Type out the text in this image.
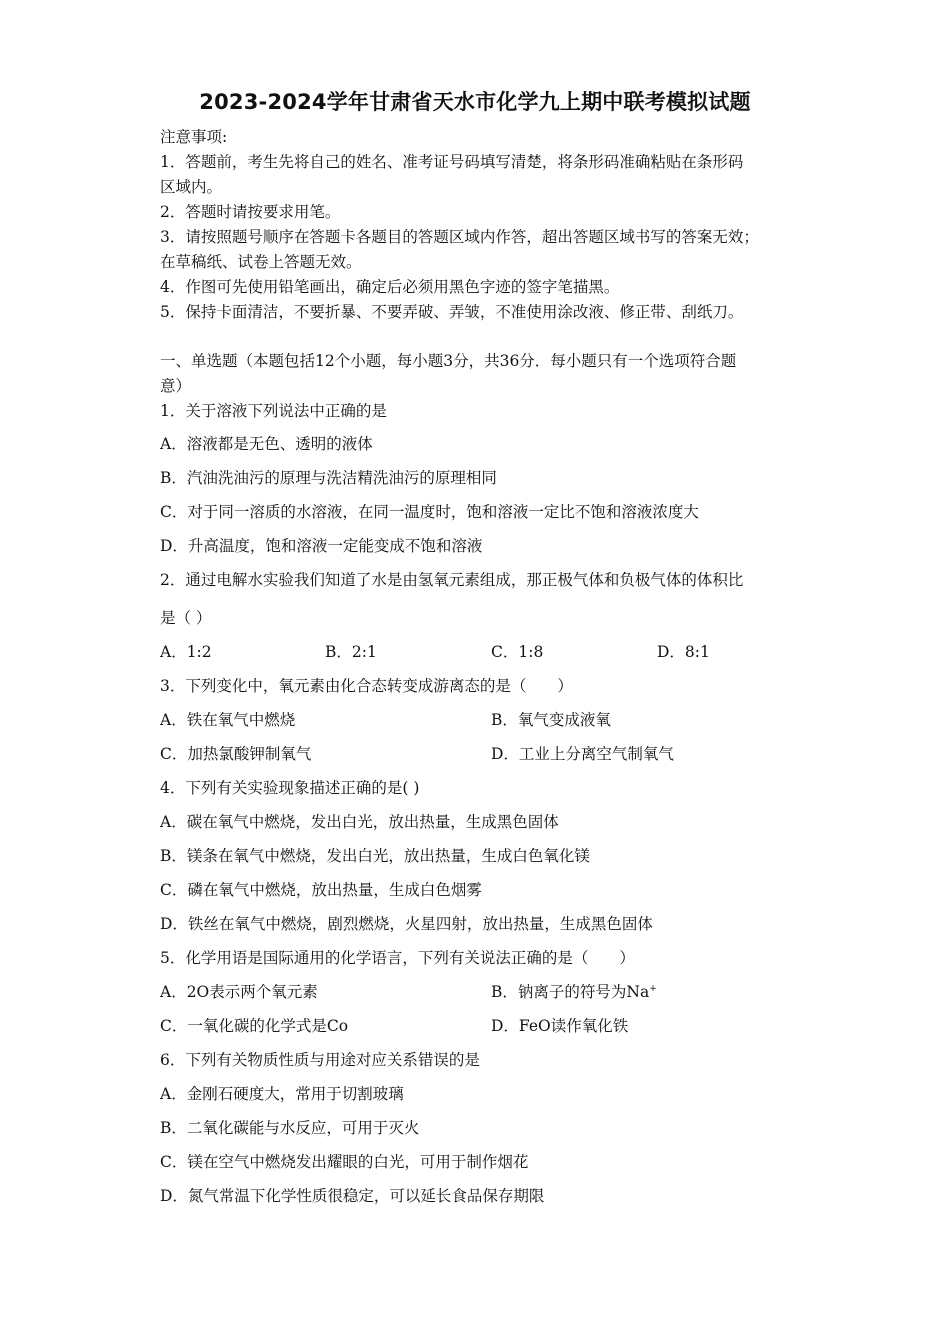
2023-2024学年甘肃省天水市化学九上期中联考模拟试题
注意事项:
1．答题前，考生先将自己的姓名、准考证号码填写清楚，将条形码准确粘贴在条形码
区域内。
2．答题时请按要求用笔。
3．请按照题号顺序在答题卡各题目的答题区域内作答，超出答题区域书写的答案无效；
在草稿纸、试卷上答题无效。
4．作图可先使用铅笔画出，确定后必须用黑色字迹的签字笔描黑。
5．保持卡面清洁，不要折暴、不要弄破、弄皱，不准使用涂改液、修正带、刮纸刀。
一、单选题（本题包括12个小题，每小题3分，共36分．每小题只有一个选项符合题
意）
1．关于溶液下列说法中正确的是
A．溶液都是无色、透明的液体
B．汽油洗油污的原理与洗洁精洗油污的原理相同
C．对于同一溶质的水溶液，在同一温度时，饱和溶液一定比不饱和溶液浓度大
D．升高温度，饱和溶液一定能变成不饱和溶液
2．通过电解水实验我们知道了水是由氢氧元素组成，那正极气体和负极气体的体积比
是（ ）
A．1:2	B．2:1	C．1:8	D．8:1
3．下列变化中，氧元素由化合态转变成游离态的是（　　）
A．铁在氧气中燃烧	B．氧气变成液氧
C．加热氯酸钾制氧气	D．工业上分离空气制氧气
4．下列有关实验现象描述正确的是( )
A．碳在氧气中燃烧，发出白光，放出热量，生成黑色固体
B．镁条在氧气中燃烧，发出白光，放出热量，生成白色氧化镁
C．磷在氧气中燃烧，放出热量，生成白色烟雾
D．铁丝在氧气中燃烧，剧烈燃烧，火星四射，放出热量，生成黑色固体
5．化学用语是国际通用的化学语言，下列有关说法正确的是（　　）
A．2O表示两个氧元素	B．钠离子的符号为Na+
C．一氧化碳的化学式是Co	D．FeO读作氧化铁
6．下列有关物质性质与用途对应关系错误的是
A．金刚石硬度大，常用于切割玻璃
B．二氧化碳能与水反应，可用于灭火
C．镁在空气中燃烧发出耀眼的白光，可用于制作烟花
D．氮气常温下化学性质很稳定，可以延长食品保存期限
